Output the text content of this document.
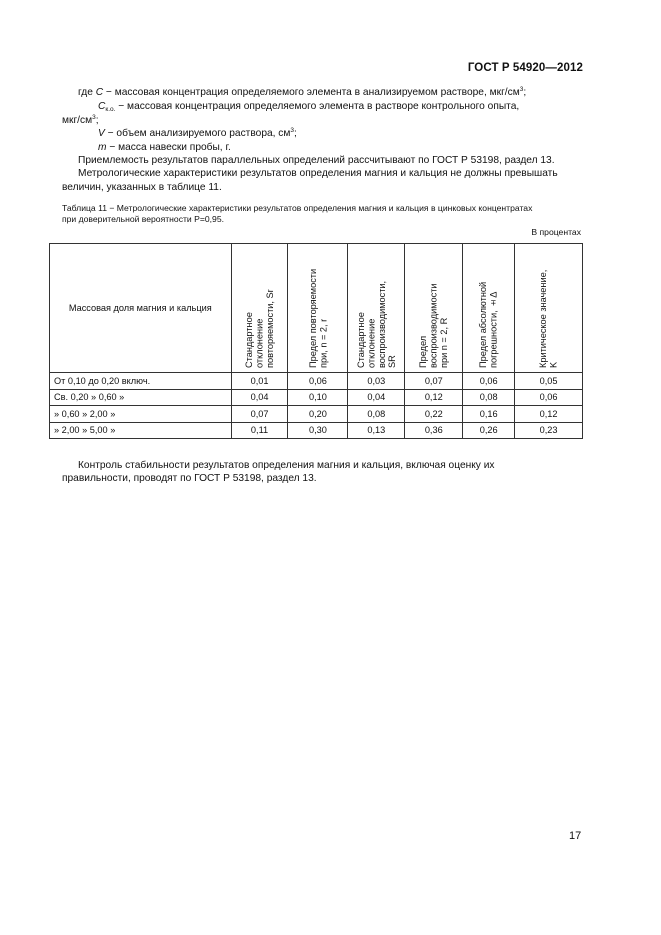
ГОСТ Р 54920—2012
где C − массовая концентрация определяемого элемента в анализируемом растворе, мкг/$см^3$;
$C_{к.о.}$ − массовая концентрация определяемого элемента в растворе контрольного опыта,
мкг/$см^3$;
V − объем анализируемого раствора, $см^3$;
m − масса навески пробы, г.
Приемлемость результатов параллельных определений рассчитывают по ГОСТ Р 53198, раздел 13.
Метрологические характеристики результатов определения магния и кальция не должны превышать
величин, указанных в таблице 11.
Таблица 11 − Метрологические характеристики результатов определения магния и кальция в цинковых концентратах
при доверительной вероятности P=0,95.
В процентах
Массовая доля магния и кальция	Стандартное
отклонение
повторяемости, Sr	Предел повторяемости
при, n = 2, r	Стандартное
отклонение
воспроизводимости,
SR	Предел
воспроизводимости
при n = 2, R	Предел абсолютной
погрешности, ±Δ	Критическое значение,
K

От 0,10 до 0,20 включ.	0,01	0,06	0,03	0,07	0,06	0,05
Св. 0,20 » 0,60 »	0,04	0,10	0,04	0,12	0,08	0,06
» 0,60 » 2,00 »	0,07	0,20	0,08	0,22	0,16	0,12
» 2,00 » 5,00 »	0,11	0,30	0,13	0,36	0,26	0,23
Контроль стабильности результатов определения магния и кальция, включая оценку их
правильности, проводят по ГОСТ Р 53198, раздел 13.
17
